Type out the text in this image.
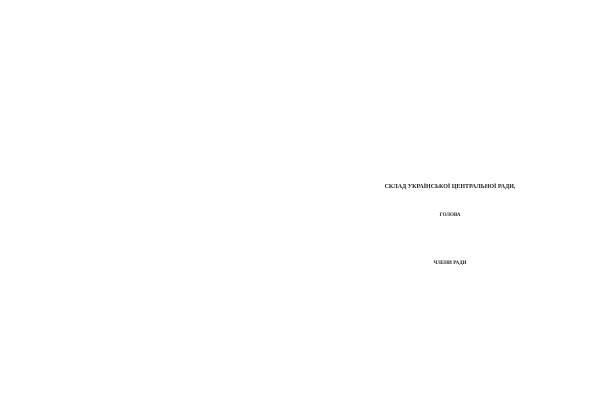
СКЛАД УКРАЇНСЬКОЇ ЦЕНТРАЛЬНОЇ РАДИ,
ГОЛОВА
ЧЛЕНИ РАДИ
